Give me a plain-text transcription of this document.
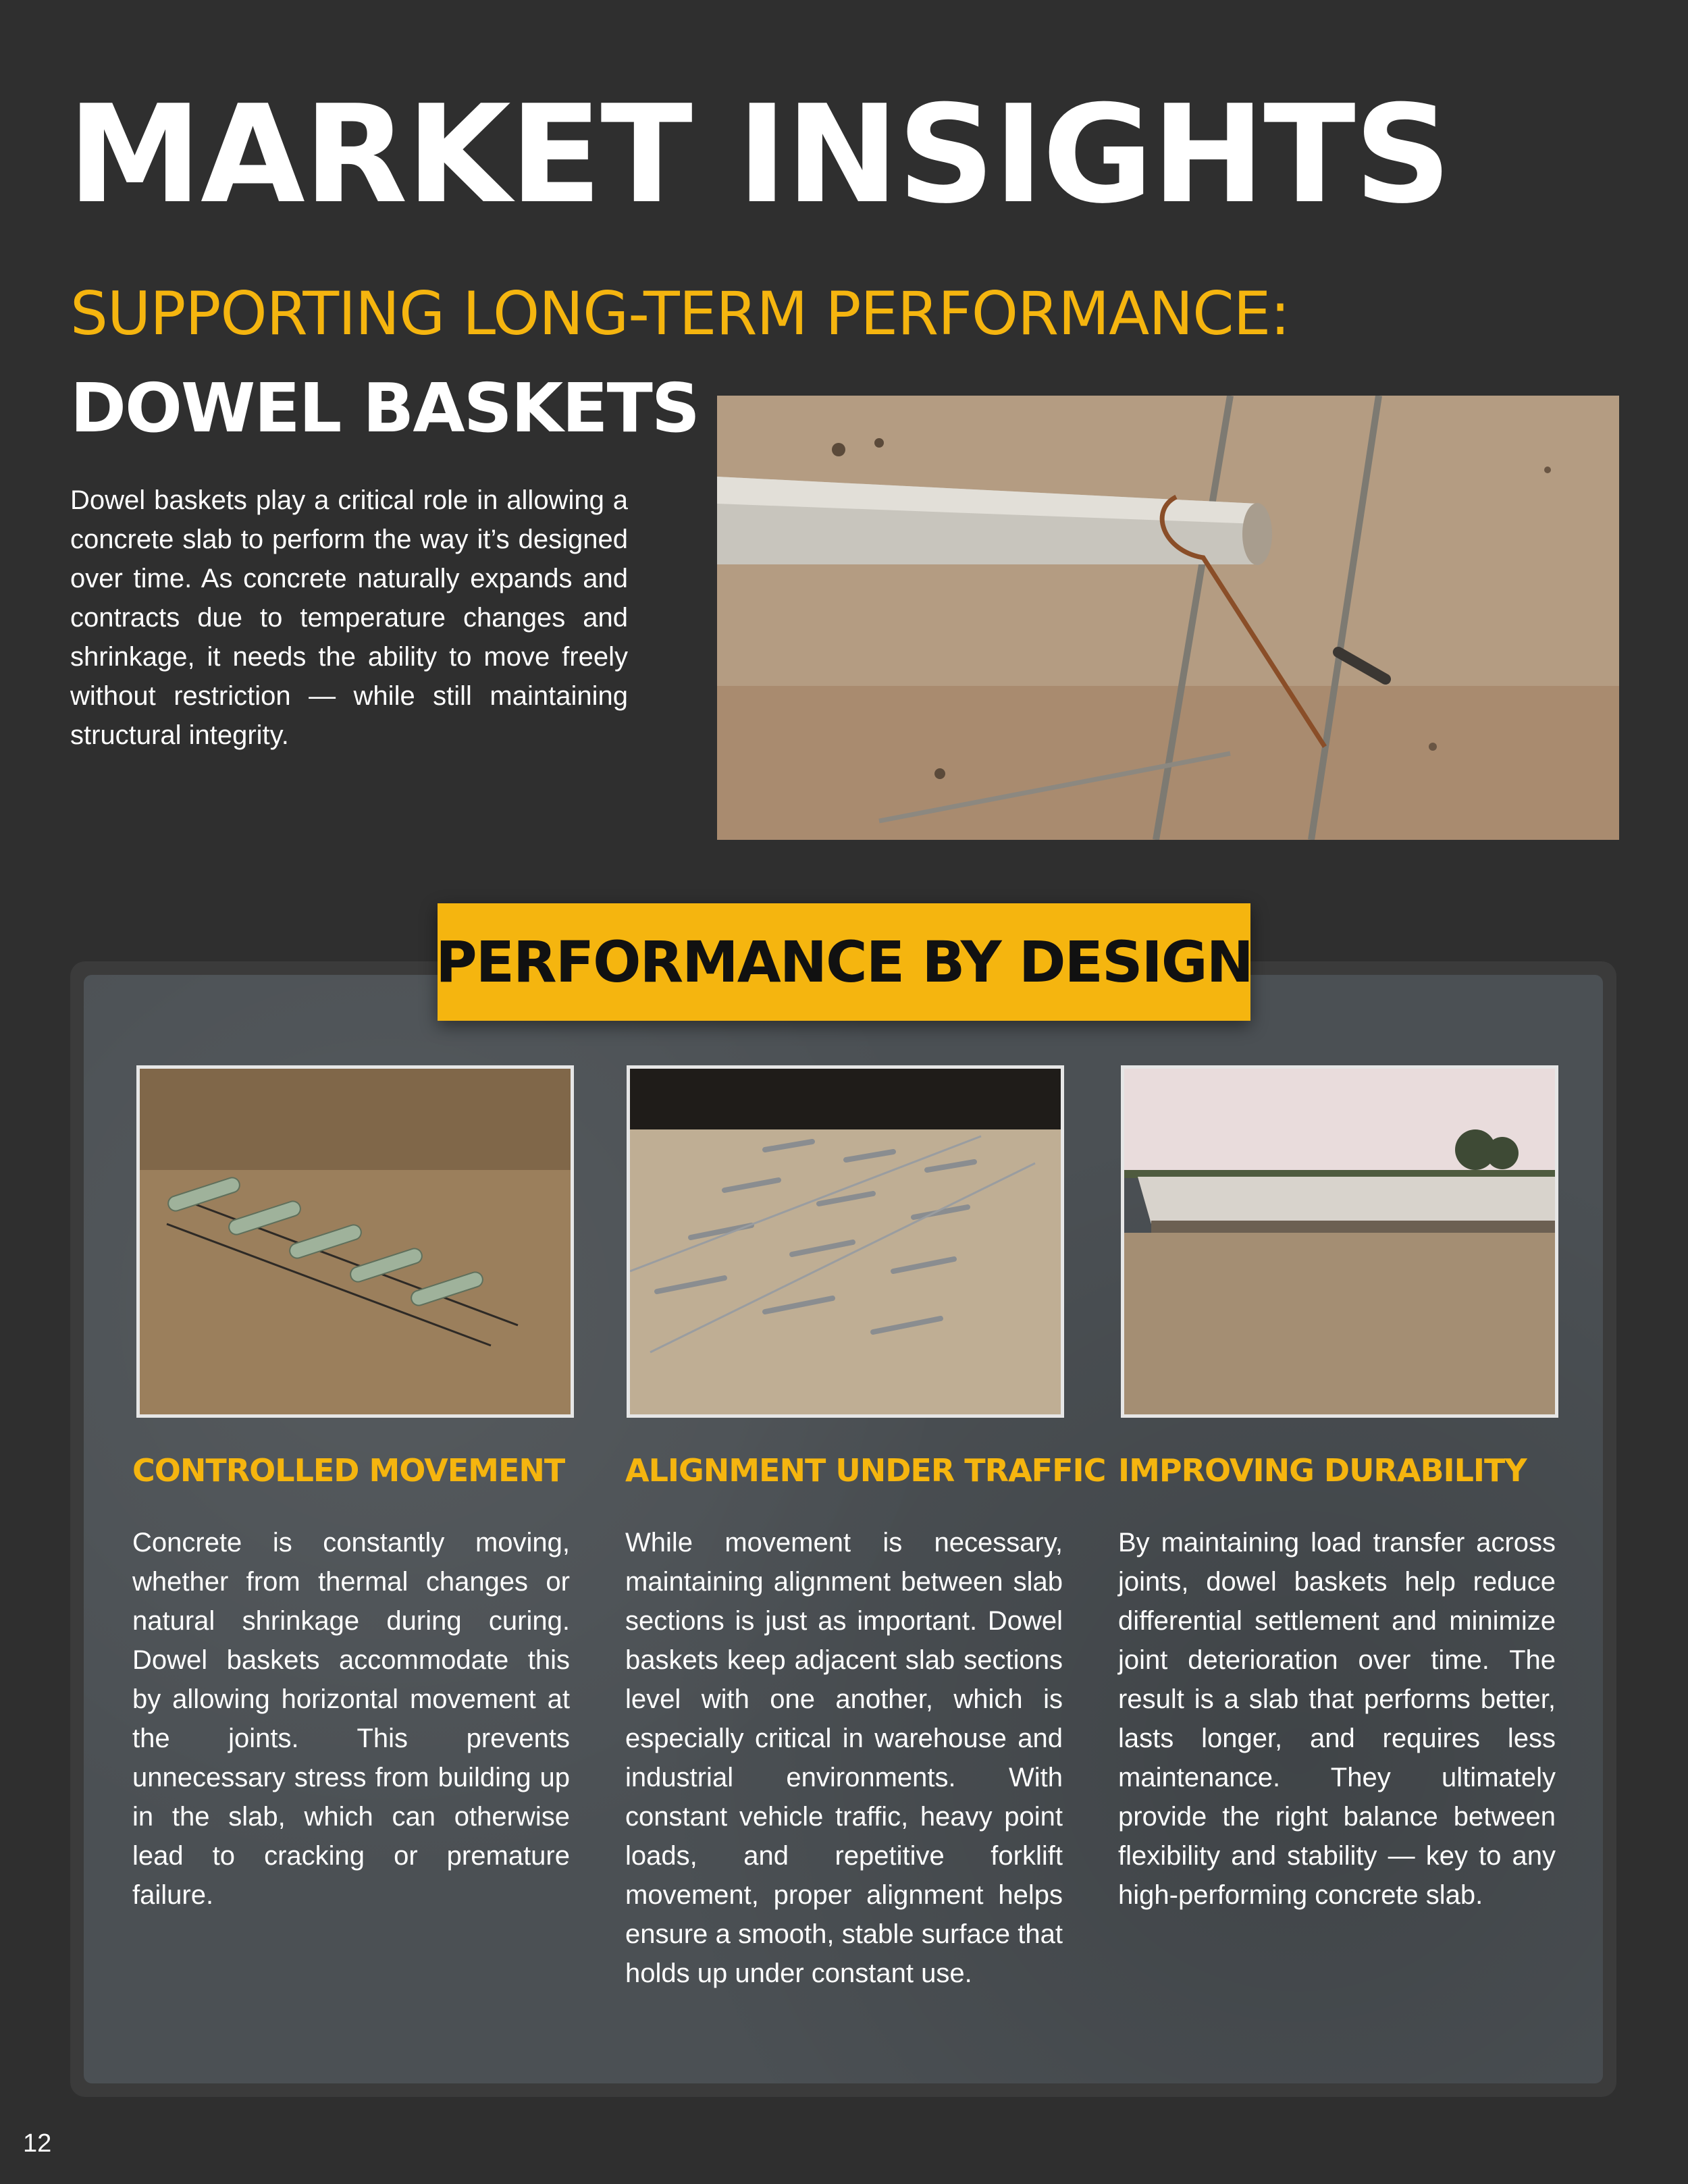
MARKET INSIGHTS
SUPPORTING LONG-TERM PERFORMANCE:
DOWEL BASKETS

Dowel baskets play a critical role in allowing a concrete slab to perform the way it’s designed over time. As concrete naturally expands and contracts due to temperature changes and shrinkage, it needs the ability to move freely without restriction — while still maintaining structural integrity.

PERFORMANCE BY DESIGN
CONTROLLED MOVEMENT ALIGNMENT UNDER TRAFFIC IMPROVING DURABILITY

Concrete is constantly moving, whether from thermal changes or natural shrinkage during curing. Dowel baskets accommodate this by allowing horizontal movement at the joints. This prevents unnecessary stress from building up in the slab, which can otherwise lead to cracking or premature failure.

While movement is necessary, maintaining alignment between slab sections is just as important. Dowel baskets keep adjacent slab sections level with one another, which is especially critical in warehouse and industrial environments. With constant vehicle traffic, heavy point loads, and repetitive forklift movement, proper alignment helps ensure a smooth, stable surface that holds up under constant use.

By maintaining load transfer across joints, dowel baskets help reduce differential settlement and minimize joint deterioration over time. The result is a slab that performs better, lasts longer, and requires less maintenance. They ultimately provide the right balance between flexibility and stability — key to any high-performing concrete slab.

12
